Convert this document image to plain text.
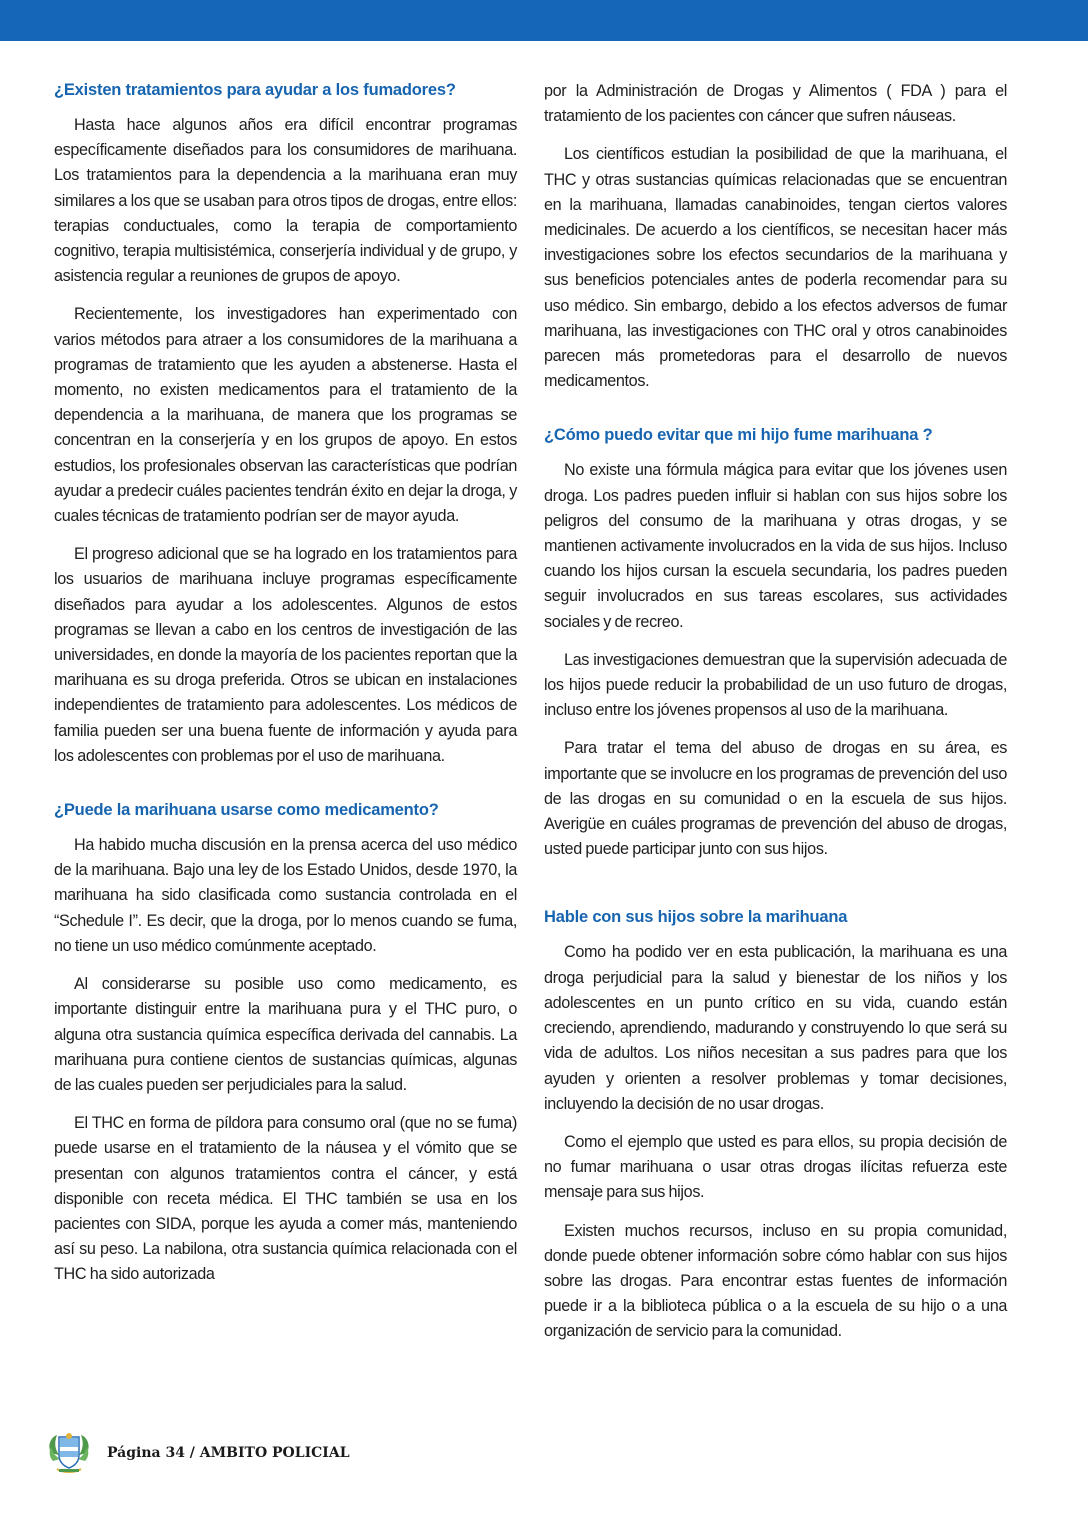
¿Existen tratamientos para ayudar a los fumadores?

Hasta hace algunos años era difícil encontrar programas específicamente diseñados para los consumidores de marihuana. Los tratamientos para la dependencia a la marihuana eran muy similares a los que se usaban para otros tipos de drogas, entre ellos: terapias conductuales, como la terapia de comportamiento cognitivo, terapia multisistémica, conserjería individual y de grupo, y asistencia regular a reuniones de grupos de apoyo.

Recientemente, los investigadores han experimentado con varios métodos para atraer a los consumidores de la marihuana a programas de tratamiento que les ayuden a abstenerse. Hasta el momento, no existen medicamentos para el tratamiento de la dependencia a la marihuana, de manera que los programas se concentran en la conserjería y en los grupos de apoyo. En estos estudios, los profesionales observan las características que podrían ayudar a predecir cuáles pacientes tendrán éxito en dejar la droga, y cuales técnicas de tratamiento podrían ser de mayor ayuda.

El progreso adicional que se ha logrado en los tratamientos para los usuarios de marihuana incluye programas específicamente diseñados para ayudar a los adolescentes. Algunos de estos programas se llevan a cabo en los centros de investigación de las universidades, en donde la mayoría de los pacientes reportan que la marihuana es su droga preferida. Otros se ubican en instalaciones independientes de tratamiento para adolescentes. Los médicos de familia pueden ser una buena fuente de información y ayuda para los adolescentes con problemas por el uso de marihuana.

¿Puede la marihuana usarse como medicamento?

Ha habido mucha discusión en la prensa acerca del uso médico de la marihuana. Bajo una ley de los Estado Unidos, desde 1970, la marihuana ha sido clasificada como sustancia controlada en el “Schedule I”. Es decir, que la droga, por lo menos cuando se fuma, no tiene un uso médico comúnmente aceptado.

Al considerarse su posible uso como medicamento, es importante distinguir entre la marihuana pura y el THC puro, o alguna otra sustancia química específica derivada del cannabis. La marihuana pura contiene cientos de sustancias químicas, algunas de las cuales pueden ser perjudiciales para la salud.

El THC en forma de píldora para consumo oral (que no se fuma) puede usarse en el tratamiento de la náusea y el vómito que se presentan con algunos tratamientos contra el cáncer, y está disponible con receta médica. El THC también se usa en los pacientes con SIDA, porque les ayuda a comer más, manteniendo así su peso. La nabilona, otra sustancia química relacionada con el THC ha sido autorizada

por la Administración de Drogas y Alimentos ( FDA ) para el tratamiento de los pacientes con cáncer que sufren náuseas.

Los científicos estudian la posibilidad de que la marihuana, el THC y otras sustancias químicas relacionadas que se encuentran en la marihuana, llamadas canabinoides, tengan ciertos valores medicinales. De acuerdo a los científicos, se necesitan hacer más investigaciones sobre los efectos secundarios de la marihuana y sus beneficios potenciales antes de poderla recomendar para su uso médico. Sin embargo, debido a los efectos adversos de fumar marihuana, las investigaciones con THC oral y otros canabinoides parecen más prometedoras para el desarrollo de nuevos medicamentos.

¿Cómo puedo evitar que mi hijo fume marihuana ?

No existe una fórmula mágica para evitar que los jóvenes usen droga. Los padres pueden influir si hablan con sus hijos sobre los peligros del consumo de la marihuana y otras drogas, y se mantienen activamente involucrados en la vida de sus hijos. Incluso cuando los hijos cursan la escuela secundaria, los padres pueden seguir involucrados en sus tareas escolares, sus actividades sociales y de recreo.

Las investigaciones demuestran que la supervisión adecuada de los hijos puede reducir la probabilidad de un uso futuro de drogas, incluso entre los jóvenes propensos al uso de la marihuana.

Para tratar el tema del abuso de drogas en su área, es importante que se involucre en los programas de prevención del uso de las drogas en su comunidad o en la escuela de sus hijos. Averigüe en cuáles programas de prevención del abuso de drogas, usted puede participar junto con sus hijos.

Hable con sus hijos sobre la marihuana

Como ha podido ver en esta publicación, la marihuana es una droga perjudicial para la salud y bienestar de los niños y los adolescentes en un punto crítico en su vida, cuando están creciendo, aprendiendo, madurando y construyendo lo que será su vida de adultos. Los niños necesitan a sus padres para que los ayuden y orienten a resolver problemas y tomar decisiones, incluyendo la decisión de no usar drogas.

Como el ejemplo que usted es para ellos, su propia decisión de no fumar marihuana o usar otras drogas ilícitas refuerza este mensaje para sus hijos.

Existen muchos recursos, incluso en su propia comunidad, donde puede obtener información sobre cómo hablar con sus hijos sobre las drogas. Para encontrar estas fuentes de información puede ir a la biblioteca pública o a la escuela de su hijo o a una organización de servicio para la comunidad.

Página 34 / AMBITO POLICIAL
